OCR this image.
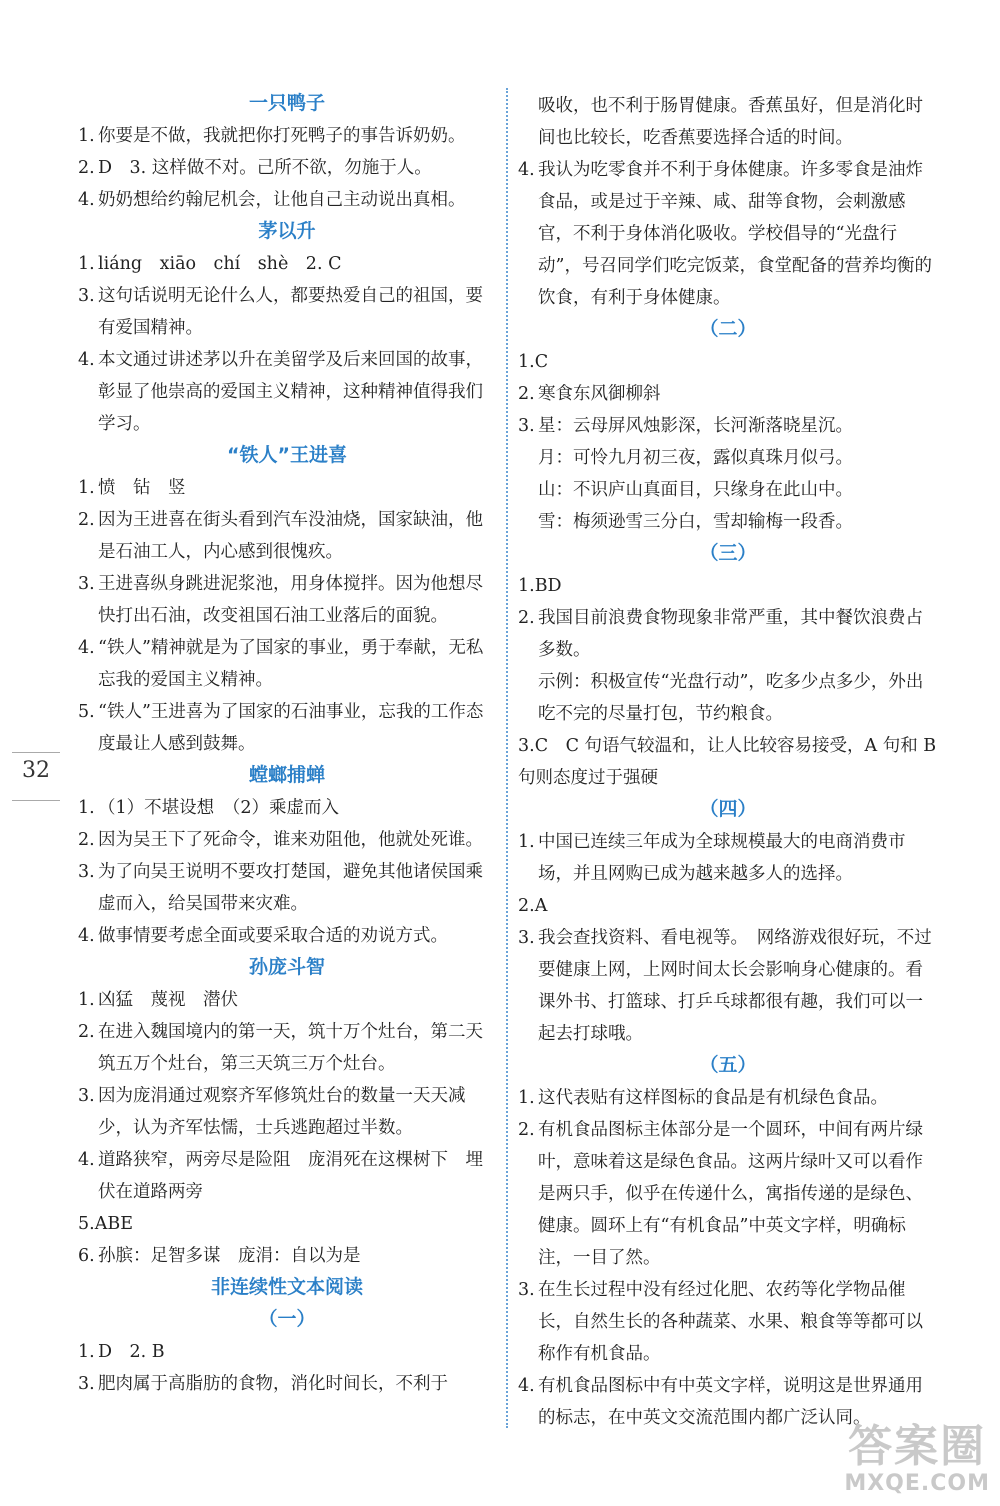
一只鸭子

1. 你要是不做，我就把你打死鸭子的事告诉奶奶。

2. D　3. 这样做不对。己所不欲，勿施于人。

4. 奶奶想给约翰尼机会，让他自己主动说出真相。

茅以升

1. liáng　xiāo　chí　shè　2. C

3. 这句话说明无论什么人，都要热爱自己的祖国，要有爱国精神。

4. 本文通过讲述茅以升在美留学及后来回国的故事，彰显了他崇高的爱国主义精神，这种精神值得我们学习。

“铁人”王进喜

1. 愤　钻　竖

2. 因为王进喜在街头看到汽车没油烧，国家缺油，他是石油工人，内心感到很愧疚。

3. 王进喜纵身跳进泥浆池，用身体搅拌。因为他想尽快打出石油，改变祖国石油工业落后的面貌。

4. “铁人”精神就是为了国家的事业，勇于奉献，无私忘我的爱国主义精神。

5. “铁人”王进喜为了国家的石油事业，忘我的工作态度最让人感到鼓舞。

螳螂捕蝉

1. （1）不堪设想　（2）乘虚而入

2. 因为吴王下了死命令，谁来劝阻他，他就处死谁。

3. 为了向吴王说明不要攻打楚国，避免其他诸侯国乘虚而入，给吴国带来灾难。

4. 做事情要考虑全面或要采取合适的劝说方式。

孙庞斗智

1. 凶猛　蔑视　潜伏

2. 在进入魏国境内的第一天，筑十万个灶台，第二天筑五万个灶台，第三天筑三万个灶台。

3. 因为庞涓通过观察齐军修筑灶台的数量一天天减少，认为齐军怯懦，士兵逃跑超过半数。

4. 道路狭窄，两旁尽是险阻　庞涓死在这棵树下　埋伏在道路两旁

5.ABE

6. 孙膑：足智多谋　庞涓：自以为是

非连续性文本阅读
（一）

1. D　2. B

3. 肥肉属于高脂肪的食物，消化时间长，不利于

吸收，也不利于肠胃健康。香蕉虽好，但是消化时间也比较长，吃香蕉要选择合适的时间。

4. 我认为吃零食并不利于身体健康。许多零食是油炸食品，或是过于辛辣、咸、甜等食物，会刺激感官，不利于身体消化吸收。学校倡导的“光盘行动”，号召同学们吃完饭菜，食堂配备的营养均衡的饮食，有利于身体健康。

（二）

1.C

2. 寒食东风御柳斜

3. 星：云母屏风烛影深，长河渐落晓星沉。

月：可怜九月初三夜，露似真珠月似弓。

山：不识庐山真面目，只缘身在此山中。

雪：梅须逊雪三分白，雪却输梅一段香。

（三）

1.BD

2. 我国目前浪费食物现象非常严重，其中餐饮浪费占多数。

示例：积极宣传“光盘行动”，吃多少点多少，外出吃不完的尽量打包，节约粮食。

3.C　C 句语气较温和，让人比较容易接受，A 句和 B 句则态度过于强硬

（四）

1. 中国已连续三年成为全球规模最大的电商消费市场，并且网购已成为越来越多人的选择。

2.A

3. 我会查找资料、看电视等。　网络游戏很好玩，不过要健康上网，上网时间太长会影响身心健康的。看课外书、打篮球、打乒乓球都很有趣，我们可以一起去打球哦。

（五）

1. 这代表贴有这样图标的食品是有机绿色食品。

2. 有机食品图标主体部分是一个圆环，中间有两片绿叶，意味着这是绿色食品。这两片绿叶又可以看作是两只手，似乎在传递什么，寓指传递的是绿色、健康。圆环上有“有机食品”中英文字样，明确标注，一目了然。

3. 在生长过程中没有经过化肥、农药等化学物品催长，自然生长的各种蔬菜、水果、粮食等等都可以称作有机食品。

4. 有机食品图标中有中英文字样，说明这是世界通用的标志，在中英文交流范围内都广泛认同。

32
答案圈
MXQE.COM
